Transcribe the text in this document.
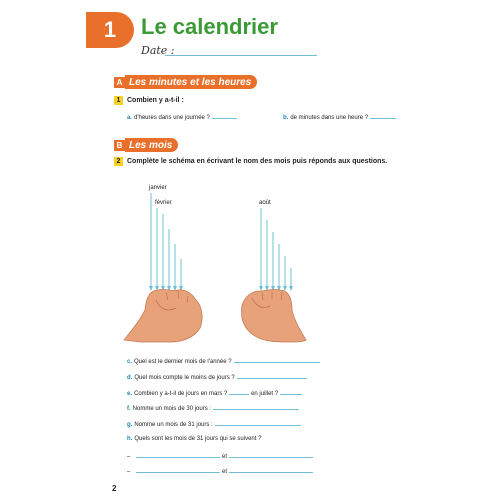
1	Le calendrier
Date :
A Les minutes et les heures
1 Combien y a-t-il :
a. d'heures dans une journée ?	b. de minutes dans une heure ?
B Les mois
2 Complète le schéma en écrivant le nom des mois puis réponds aux questions.
janvier
février	août
c. Quel est le dernier mois de l'année ?
d. Quel mois compte le moins de jours ?
e. Combien y a-t-il de jours en mars ?	en juillet ?
f. Nomme un mois de 30 jours :
g. Nomme un mois de 31 jours :
h. Quels sont les mois de 31 jours qui se suivent ?
–	et
–	et
2
